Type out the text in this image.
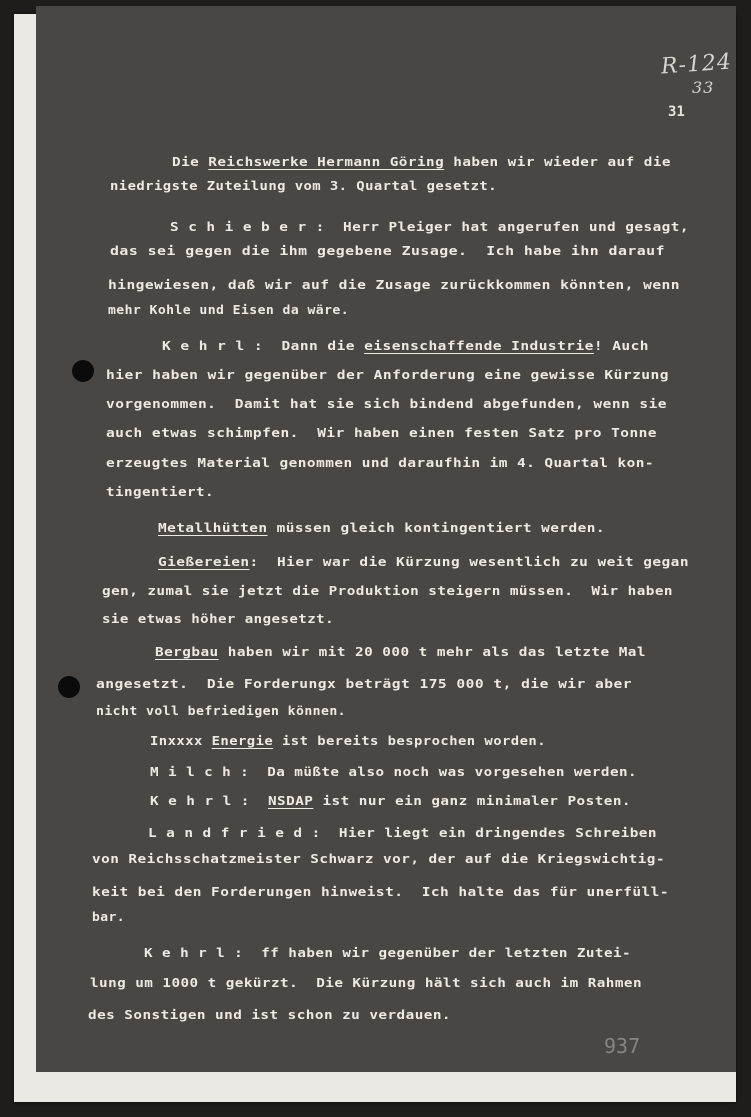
R-124
33
31
937
Die Reichswerke Hermann Göring haben wir wieder auf die
niedrigste Zuteilung vom 3. Quartal gesetzt.
S c h i e b e r :  Herr Pleiger hat angerufen und gesagt,
das sei gegen die ihm gegebene Zusage.  Ich habe ihn darauf
hingewiesen, daß wir auf die Zusage zurückkommen könnten, wenn
mehr Kohle und Eisen da wäre.
K e h r l :  Dann die eisenschaffende Industrie! Auch
hier haben wir gegenüber der Anforderung eine gewisse Kürzung
vorgenommen.  Damit hat sie sich bindend abgefunden, wenn sie
auch etwas schimpfen.  Wir haben einen festen Satz pro Tonne
erzeugtes Material genommen und daraufhin im 4. Quartal kon-
tingentiert.
Metallhütten müssen gleich kontingentiert werden.
Gießereien:  Hier war die Kürzung wesentlich zu weit gegan
gen, zumal sie jetzt die Produktion steigern müssen.  Wir haben
sie etwas höher angesetzt.
Bergbau haben wir mit 20 000 t mehr als das letzte Mal
angesetzt.  Die Forderungx beträgt 175 000 t, die wir aber
nicht voll befriedigen können.
Inxxxx Energie ist bereits besprochen worden.
M i l c h :  Da müßte also noch was vorgesehen werden.
K e h r l :  NSDAP ist nur ein ganz minimaler Posten.
L a n d f r i e d :  Hier liegt ein dringendes Schreiben
von Reichsschatzmeister Schwarz vor, der auf die Kriegswichtig-
keit bei den Forderungen hinweist.  Ich halte das für unerfüll-
bar.
K e h r l :  ff haben wir gegenüber der letzten Zutei-
lung um 1000 t gekürzt.  Die Kürzung hält sich auch im Rahmen
des Sonstigen und ist schon zu verdauen.
